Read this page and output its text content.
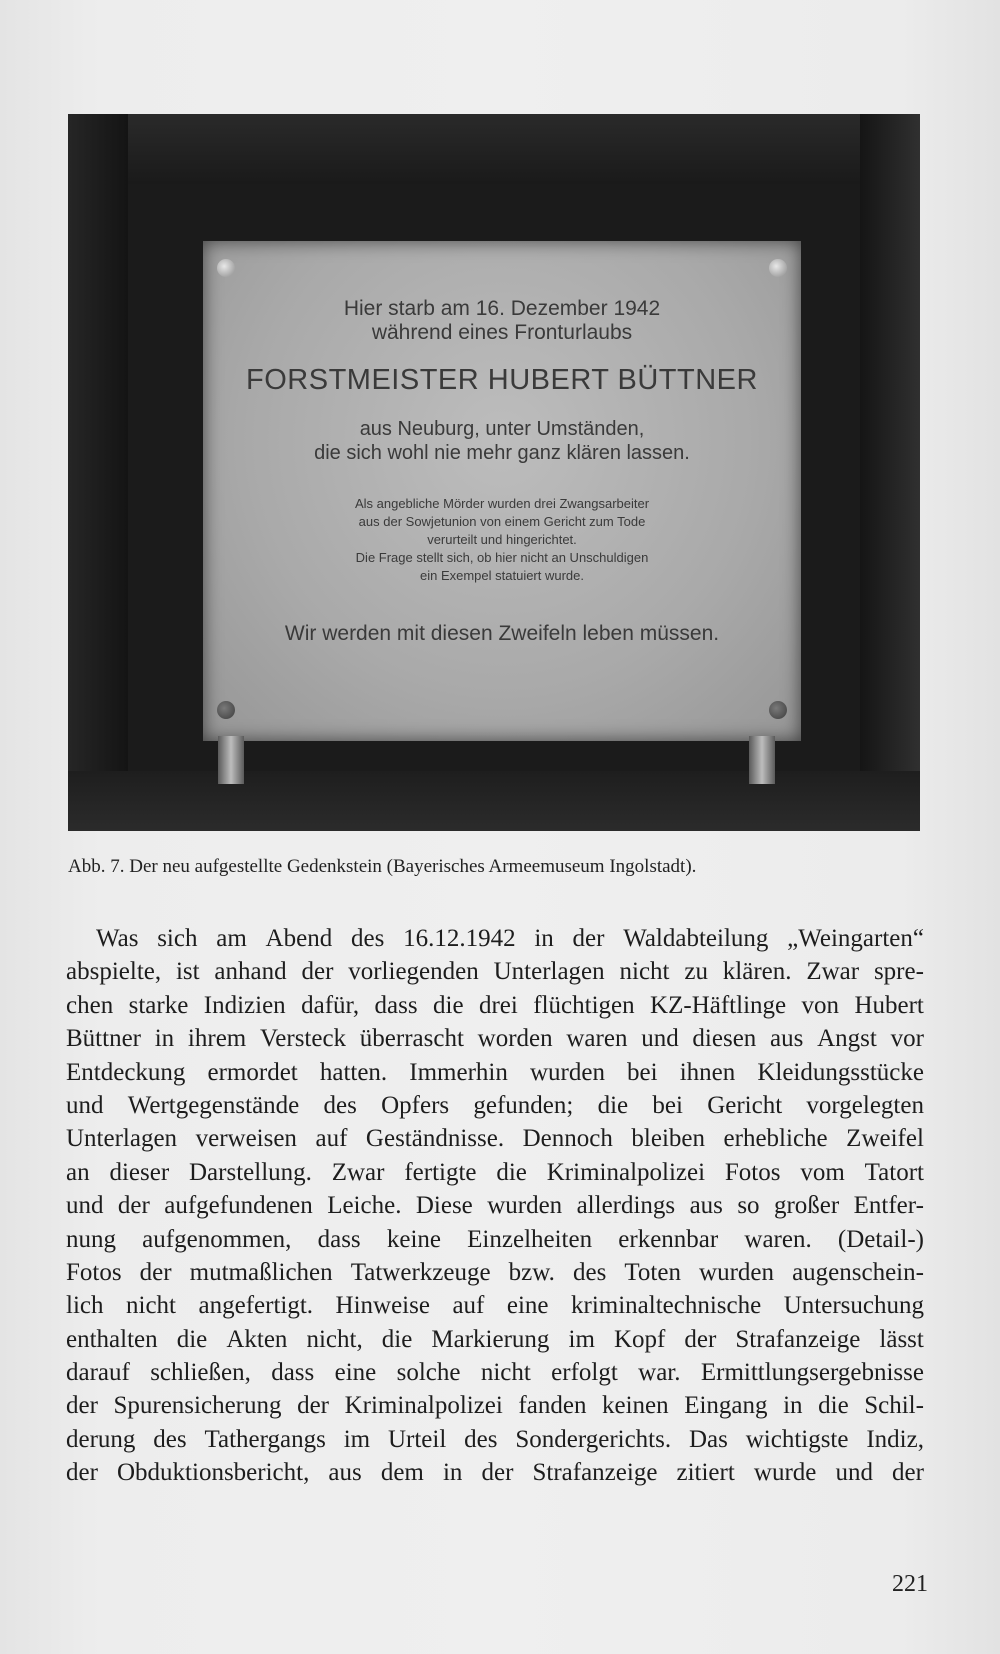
Hier starb am 16. Dezember 1942
während eines Fronturlaubs
FORSTMEISTER HUBERT BÜTTNER
aus Neuburg, unter Umständen,
die sich wohl nie mehr ganz klären lassen.
Als angebliche Mörder wurden drei Zwangsarbeiter
aus der Sowjetunion von einem Gericht zum Tode
verurteilt und hingerichtet.
Die Frage stellt sich, ob hier nicht an Unschuldigen
ein Exempel statuiert wurde.
Wir werden mit diesen Zweifeln leben müssen.
Abb. 7. Der neu aufgestellte Gedenkstein (Bayerisches Armeemuseum Ingolstadt).
Was sich am Abend des 16.12.1942 in der Waldabteilung „Weingarten“
abspielte, ist anhand der vorliegenden Unterlagen nicht zu klären. Zwar spre-
chen starke Indizien dafür, dass die drei flüchtigen KZ-Häftlinge von Hubert
Büttner in ihrem Versteck überrascht worden waren und diesen aus Angst vor
Entdeckung ermordet hatten. Immerhin wurden bei ihnen Kleidungsstücke
und Wertgegenstände des Opfers gefunden; die bei Gericht vorgelegten
Unterlagen verweisen auf Geständnisse. Dennoch bleiben erhebliche Zweifel
an dieser Darstellung. Zwar fertigte die Kriminalpolizei Fotos vom Tatort
und der aufgefundenen Leiche. Diese wurden allerdings aus so großer Entfer-
nung aufgenommen, dass keine Einzelheiten erkennbar waren. (Detail-)
Fotos der mutmaßlichen Tatwerkzeuge bzw. des Toten wurden augenschein-
lich nicht angefertigt. Hinweise auf eine kriminaltechnische Untersuchung
enthalten die Akten nicht, die Markierung im Kopf der Strafanzeige lässt
darauf schließen, dass eine solche nicht erfolgt war. Ermittlungsergebnisse
der Spurensicherung der Kriminalpolizei fanden keinen Eingang in die Schil-
derung des Tathergangs im Urteil des Sondergerichts. Das wichtigste Indiz,
der Obduktionsbericht, aus dem in der Strafanzeige zitiert wurde und der
221
